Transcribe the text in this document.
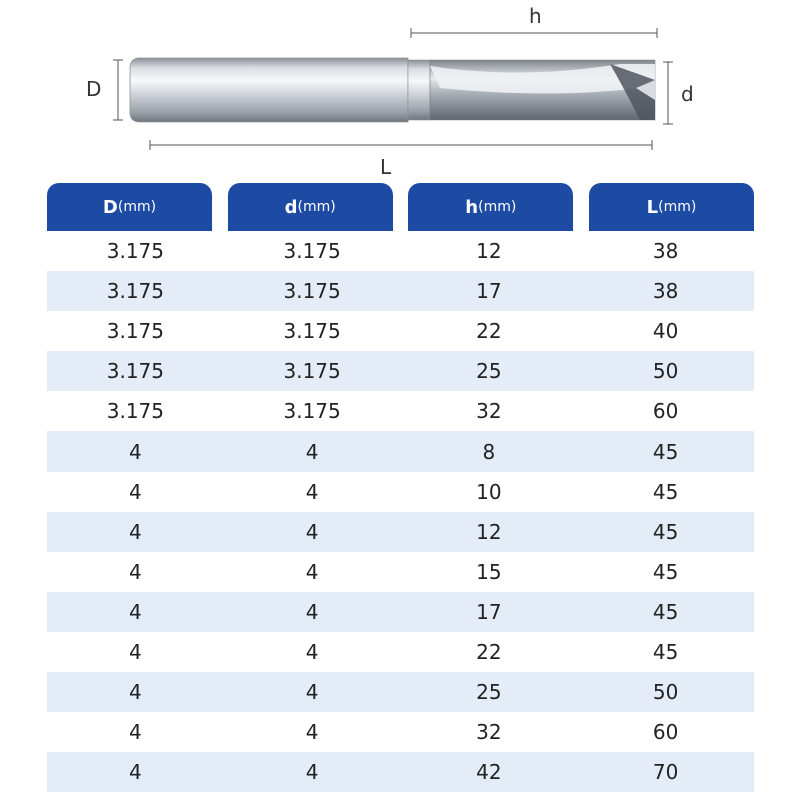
D	d
h
L
D (mm)	d (mm)	h (mm)	L (mm)
3.175	3.175	12	38
3.175	3.175	17	38
3.175	3.175	22	40
3.175	3.175	25	50
3.175	3.175	32	60
4	4	8	45
4	4	10	45
4	4	12	45
4	4	15	45
4	4	17	45
4	4	22	45
4	4	25	50
4	4	32	60
4	4	42	70
